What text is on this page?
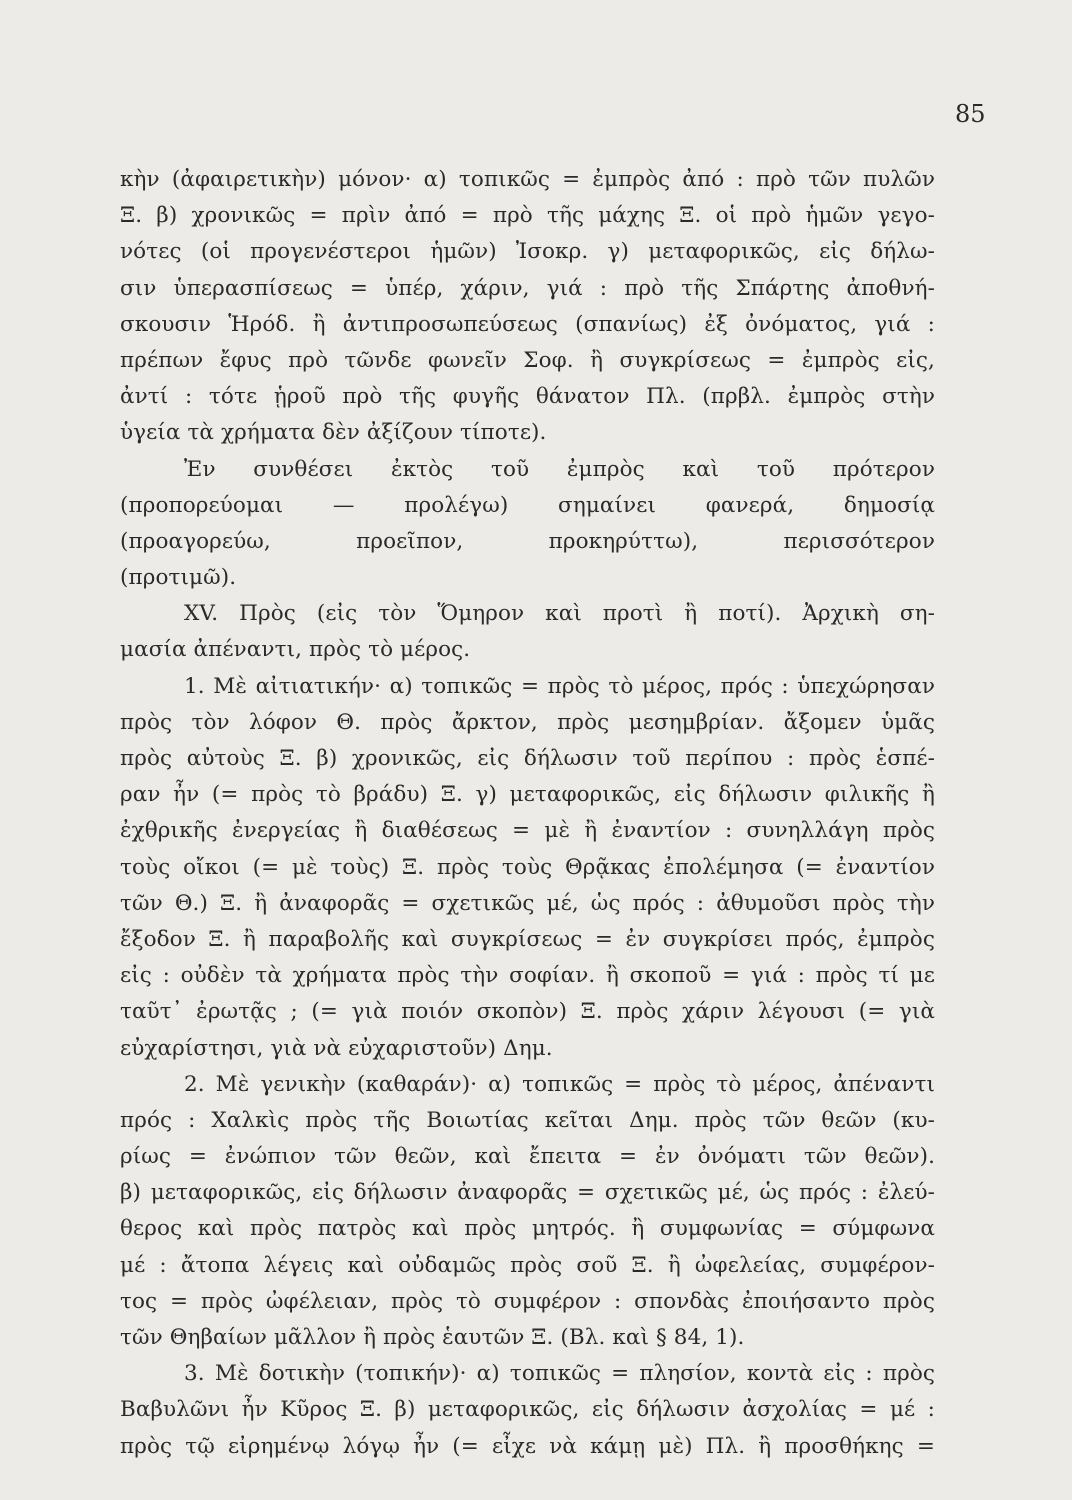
85
κὴν (ἀφαιρετικὴν) μόνον· α) τοπικῶς = ἐμπρὸς ἀπό : πρὸ τῶν πυλῶν
Ξ. β) χρονικῶς = πρὶν ἀπό = πρὸ τῆς μάχης Ξ. οἱ πρὸ ἡμῶν γεγο-
νότες (οἱ προγενέστεροι ἡμῶν) Ἰσοκρ. γ) μεταφορικῶς, εἰς δήλω-
σιν ὑπερασπίσεως = ὑπέρ, χάριν, γιά : πρὸ τῆς Σπάρτης ἀποθνή-
σκουσιν Ἡρόδ. ἢ ἀντιπροσωπεύσεως (σπανίως) ἐξ ὀνόματος, γιά :
πρέπων ἔφυς πρὸ τῶνδε φωνεῖν Σοφ. ἢ συγκρίσεως = ἐμπρὸς εἰς,
ἀντί : τότε ᾑροῦ πρὸ τῆς φυγῆς θάνατον Πλ. (πρβλ. ἐμπρὸς στὴν
ὑγεία τὰ χρήματα δὲν ἀξίζουν τίποτε).
Ἐν συνθέσει ἐκτὸς τοῦ ἐμπρὸς καὶ τοῦ πρότερον
(προπορεύομαι — προλέγω) σημαίνει φανερά, δημοσίᾳ
(προαγορεύω, προεῖπον, προκηρύττω), περισσότερον
(προτιμῶ).
XV. Πρὸς (εἰς τὸν Ὅμηρον καὶ προτὶ ἢ ποτί). Ἀρχικὴ ση-
μασία ἀπέναντι, πρὸς τὸ μέρος.
1. Μὲ αἰτιατικήν· α) τοπικῶς = πρὸς τὸ μέρος, πρός : ὑπεχώρησαν
πρὸς τὸν λόφον Θ. πρὸς ἄρκτον, πρὸς μεσημβρίαν. ἄξομεν ὑμᾶς
πρὸς αὐτοὺς Ξ. β) χρονικῶς, εἰς δήλωσιν τοῦ περίπου : πρὸς ἑσπέ-
ραν ἦν (= πρὸς τὸ βράδυ) Ξ. γ) μεταφορικῶς, εἰς δήλωσιν φιλικῆς ἢ
ἐχθρικῆς ἐνεργείας ἢ διαθέσεως = μὲ ἢ ἐναντίον : συνηλλάγη πρὸς
τοὺς οἴκοι (= μὲ τοὺς) Ξ. πρὸς τοὺς Θρᾷκας ἐπολέμησα (= ἐναντίον
τῶν Θ.) Ξ. ἢ ἀναφορᾶς = σχετικῶς μέ, ὡς πρός : ἀθυμοῦσι πρὸς τὴν
ἔξοδον Ξ. ἢ παραβολῆς καὶ συγκρίσεως = ἐν συγκρίσει πρός, ἐμπρὸς
εἰς : οὐδὲν τὰ χρήματα πρὸς τὴν σοφίαν. ἢ σκοποῦ = γιά : πρὸς τί με
ταῦτ᾽ ἐρωτᾷς ; (= γιὰ ποιόν σκοπὸν) Ξ. πρὸς χάριν λέγουσι (= γιὰ
εὐχαρίστησι, γιὰ νὰ εὐχαριστοῦν) Δημ.
2. Μὲ γενικὴν (καθαράν)· α) τοπικῶς = πρὸς τὸ μέρος, ἀπέναντι
πρός : Χαλκὶς πρὸς τῆς Βοιωτίας κεῖται Δημ. πρὸς τῶν θεῶν (κυ-
ρίως = ἐνώπιον τῶν θεῶν, καὶ ἔπειτα = ἐν ὀνόματι τῶν θεῶν).
β) μεταφορικῶς, εἰς δήλωσιν ἀναφορᾶς = σχετικῶς μέ, ὡς πρός : ἐλεύ-
θερος καὶ πρὸς πατρὸς καὶ πρὸς μητρός. ἢ συμφωνίας = σύμφωνα
μέ : ἄτοπα λέγεις καὶ οὐδαμῶς πρὸς σοῦ Ξ. ἢ ὠφελείας, συμφέρον-
τος = πρὸς ὠφέλειαν, πρὸς τὸ συμφέρον : σπονδὰς ἐποιήσαντο πρὸς
τῶν Θηβαίων μᾶλλον ἢ πρὸς ἑαυτῶν Ξ. (Βλ. καὶ § 84, 1).
3. Μὲ δοτικὴν (τοπικήν)· α) τοπικῶς = πλησίον, κοντὰ εἰς : πρὸς
Βαβυλῶνι ἦν Κῦρος Ξ. β) μεταφορικῶς, εἰς δήλωσιν ἀσχολίας = μέ :
πρὸς τῷ εἰρημένῳ λόγῳ ἦν (= εἶχε νὰ κάμῃ μὲ) Πλ. ἢ προσθήκης =
